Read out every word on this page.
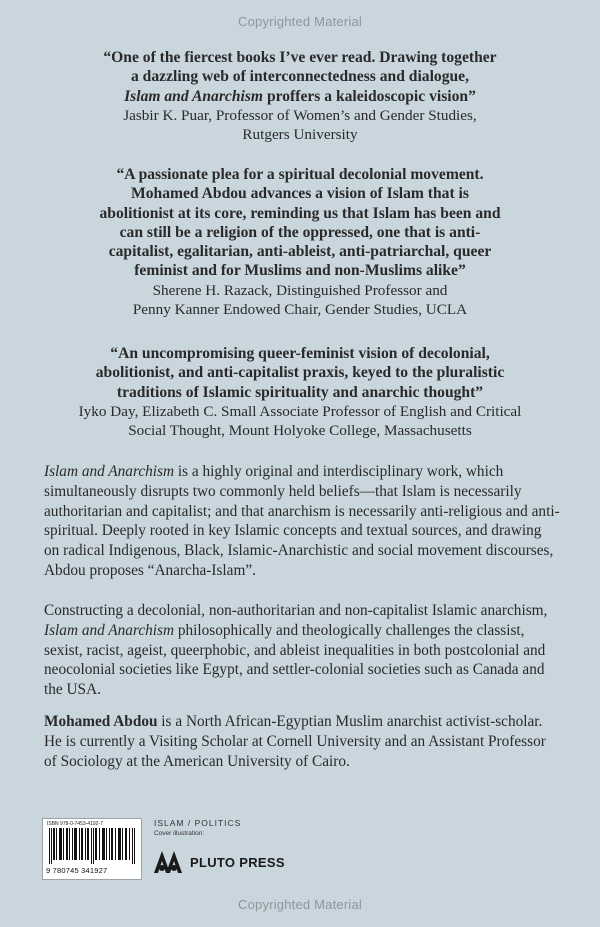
Copyrighted Material

“One of the fiercest books I’ve ever read. Drawing together
a dazzling web of interconnectedness and dialogue,
Islam and Anarchism proffers a kaleidoscopic vision”

Jasbir K. Puar, Professor of Women’s and Gender Studies,
Rutgers University

“A passionate plea for a spiritual decolonial movement.
Mohamed Abdou advances a vision of Islam that is
abolitionist at its core, reminding us that Islam has been and
can still be a religion of the oppressed, one that is anti-
capitalist, egalitarian, anti-ableist, anti-patriarchal, queer
feminist and for Muslims and non-Muslims alike”

Sherene H. Razack, Distinguished Professor and
Penny Kanner Endowed Chair, Gender Studies, UCLA

“An uncompromising queer-feminist vision of decolonial,
abolitionist, and anti-capitalist praxis, keyed to the pluralistic
traditions of Islamic spirituality and anarchic thought”

Iyko Day, Elizabeth C. Small Associate Professor of English and Critical
Social Thought, Mount Holyoke College, Massachusetts

Islam and Anarchism is a highly original and interdisciplinary work, which simultaneously disrupts two commonly held beliefs—that Islam is necessarily authoritarian and capitalist; and that anarchism is necessarily anti-religious and anti-spiritual. Deeply rooted in key Islamic concepts and textual sources, and drawing on radical Indigenous, Black, Islamic-Anarchistic and social movement discourses, Abdou proposes “Anarcha-Islam”.

Constructing a decolonial, non-authoritarian and non-capitalist Islamic anarchism, Islam and Anarchism philosophically and theologically challenges the classist, sexist, racist, ageist, queerphobic, and ableist inequalities in both postcolonial and neocolonial societies like Egypt, and settler-colonial societies such as Canada and the USA.

Mohamed Abdou is a North African-Egyptian Muslim anarchist activist-scholar. He is currently a Visiting Scholar at Cornell University and an Assistant Professor of Sociology at the American University of Cairo.

ISBN 978-0-7453-4192-7
9 780745 341927
ISLAM / POLITICS
Cover illustration:
PLUTO PRESS
Copyrighted Material
